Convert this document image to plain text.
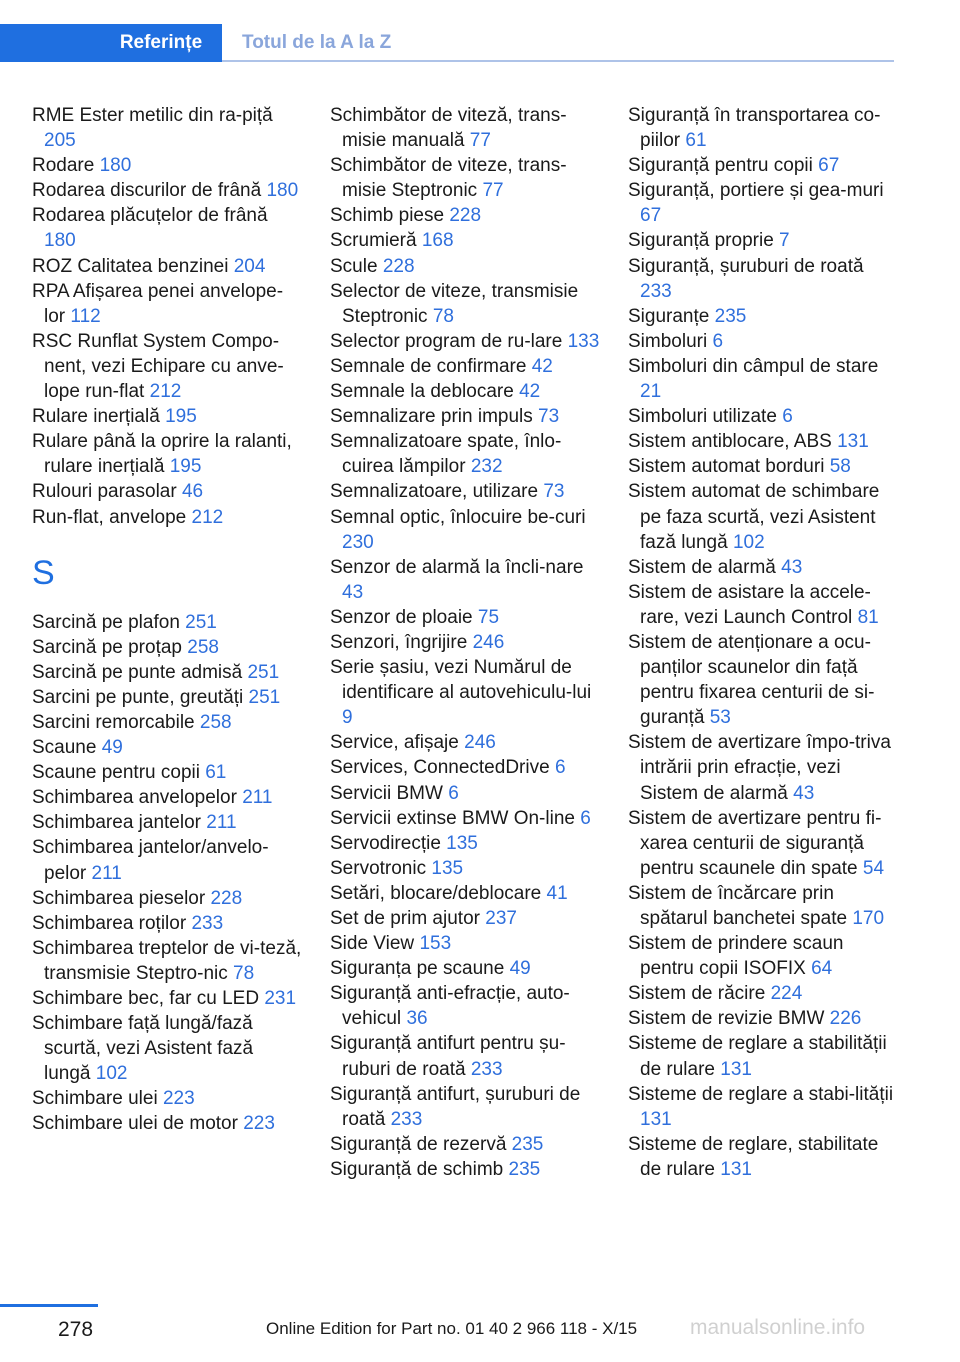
Referințe	Totul de la A la Z
RME Ester metilic din ra-piță 205
Rodare 180
Rodarea discurilor de frână 180
Rodarea plăcuțelor de frână 180
ROZ Calitatea benzinei 204
RPA Afișarea penei anvelope-lor 112
RSC Runflat System Compo-nent, vezi Echipare cu anve-lope run-flat 212
Rulare inerțială 195
Rulare până la oprire la ralanti, rulare inerțială 195
Rulouri parasolar 46
Run-flat, anvelope 212
S
Sarcină pe plafon 251
Sarcină pe proțap 258
Sarcină pe punte admisă 251
Sarcini pe punte, greutăți 251
Sarcini remorcabile 258
Scaune 49
Scaune pentru copii 61
Schimbarea anvelopelor 211
Schimbarea jantelor 211
Schimbarea jantelor/anvelo-pelor 211
Schimbarea pieselor 228
Schimbarea roților 233
Schimbarea treptelor de vi-teză, transmisie Steptro-nic 78
Schimbare bec, far cu LED 231
Schimbare față lungă/fază scurtă, vezi Asistent fază lungă 102
Schimbare ulei 223
Schimbare ulei de motor 223
Schimbător de viteză, trans-misie manuală 77
Schimbător de viteze, trans-misie Steptronic 77
Schimb piese 228
Scrumieră 168
Scule 228
Selector de viteze, transmisie Steptronic 78
Selector program de ru-lare 133
Semnale de confirmare 42
Semnale la deblocare 42
Semnalizare prin impuls 73
Semnalizatoare spate, înlo-cuirea lămpilor 232
Semnalizatoare, utilizare 73
Semnal optic, înlocuire be-curi 230
Senzor de alarmă la încli-nare 43
Senzor de ploaie 75
Senzori, îngrijire 246
Serie șasiu, vezi Numărul de identificare al autovehiculu-lui 9
Service, afișaje 246
Services, ConnectedDrive 6
Servicii BMW 6
Servicii extinse BMW On-line 6
Servodirecție 135
Servotronic 135
Setări, blocare/deblocare 41
Set de prim ajutor 237
Side View 153
Siguranța pe scaune 49
Siguranță anti-efracție, auto-vehicul 36
Siguranță antifurt pentru șu-ruburi de roată 233
Siguranță antifurt, șuruburi de roată 233
Siguranță de rezervă 235
Siguranță de schimb 235
Siguranță în transportarea co-piilor 61
Siguranță pentru copii 67
Siguranță, portiere și gea-muri 67
Siguranță proprie 7
Siguranță, șuruburi de roată 233
Siguranțe 235
Simboluri 6
Simboluri din câmpul de stare 21
Simboluri utilizate 6
Sistem antiblocare, ABS 131
Sistem automat borduri 58
Sistem automat de schimbare pe faza scurtă, vezi Asistent fază lungă 102
Sistem de alarmă 43
Sistem de asistare la accele-rare, vezi Launch Control 81
Sistem de atenționare a ocu-panților scaunelor din față pentru fixarea centurii de si-guranță 53
Sistem de avertizare împo-triva intrării prin efracție, vezi Sistem de alarmă 43
Sistem de avertizare pentru fi-xarea centurii de siguranță pentru scaunele din spate 54
Sistem de încărcare prin spătarul banchetei spate 170
Sistem de prindere scaun pentru copii ISOFIX 64
Sistem de răcire 224
Sistem de revizie BMW 226
Sisteme de reglare a stabilității de rulare 131
Sisteme de reglare a stabi-lității 131
Sisteme de reglare, stabilitate de rulare 131
278	Online Edition for Part no. 01 40 2 966 118 - X/15	manualsonline.info
